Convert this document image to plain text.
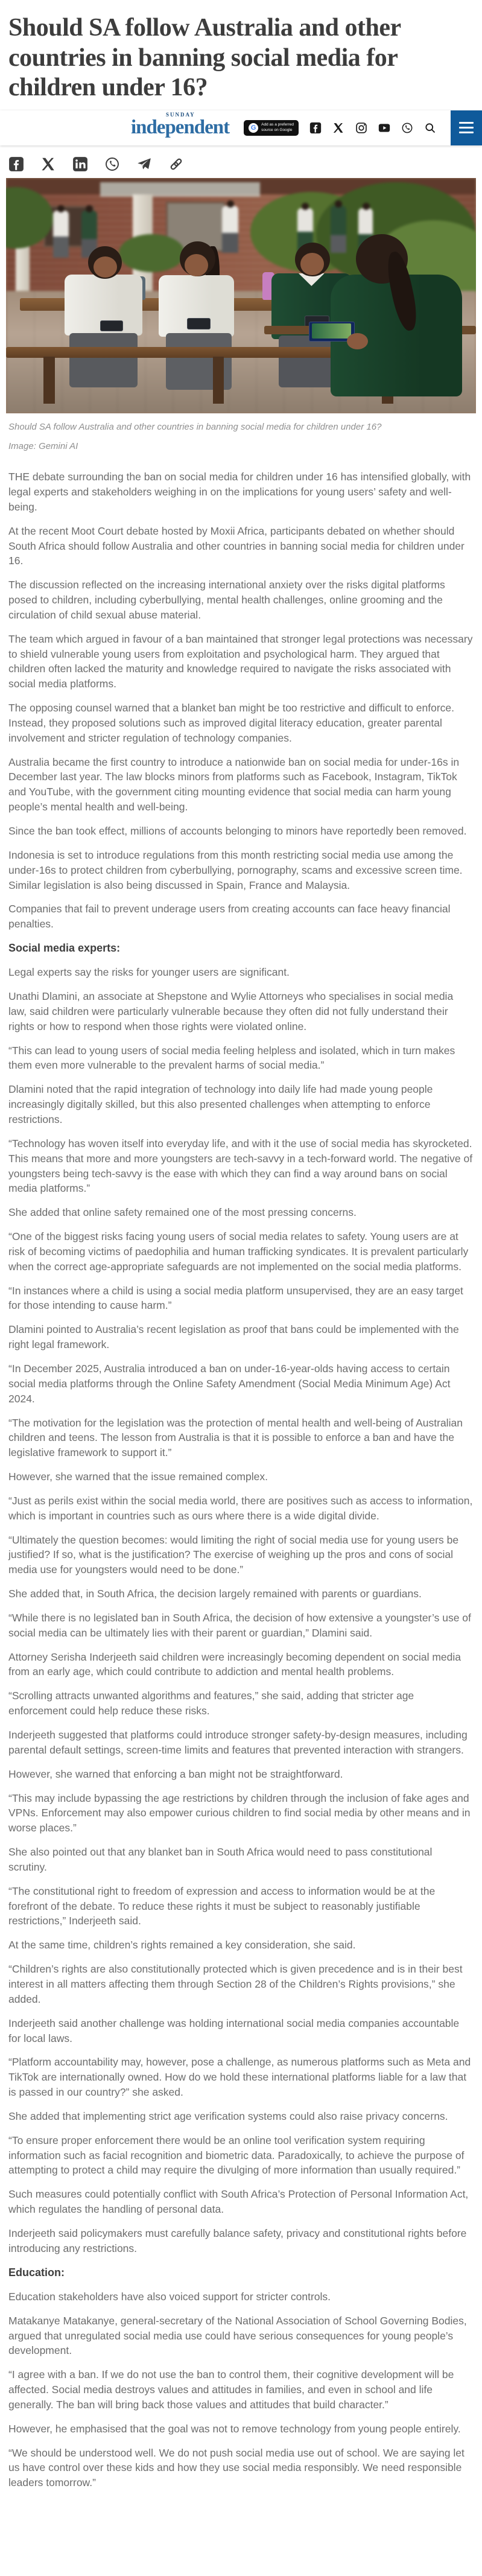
Should SA follow Australia and other countries in banning social media for children under 16?
SUNDAY
independent	G	Add as a preferred
source on Google

Should SA follow Australia and other countries in banning social media for children under 16?

Image: Gemini AI

THE debate surrounding the ban on social media for children under 16 has intensified globally, with legal experts and stakeholders weighing in on the implications for young users’ safety and well-being.

At the recent Moot Court debate hosted by Moxii Africa, participants debated on whether should South Africa should follow Australia and other countries in banning social media for children under 16.

The discussion reflected on the increasing international anxiety over the risks digital platforms posed to children, including cyberbullying, mental health challenges, online grooming and the circulation of child sexual abuse material.

The team which argued in favour of a ban maintained that stronger legal protections was necessary to shield vulnerable young users from exploitation and psychological harm. They argued that children often lacked the maturity and knowledge required to navigate the risks associated with social media platforms.

The opposing counsel warned that a blanket ban might be too restrictive and difficult to enforce. Instead, they proposed solutions such as improved digital literacy education, greater parental involvement and stricter regulation of technology companies.

Australia became the first country to introduce a nationwide ban on social media for under-16s in December last year. The law blocks minors from platforms such as Facebook, Instagram, TikTok and YouTube, with the government citing mounting evidence that social media can harm young people’s mental health and well-being.

Since the ban took effect, millions of accounts belonging to minors have reportedly been removed.

Indonesia is set to introduce regulations from this month restricting social media use among the under-16s to protect children from cyberbullying, pornography, scams and excessive screen time. Similar legislation is also being discussed in Spain, France and Malaysia.

Companies that fail to prevent underage users from creating accounts can face heavy financial penalties.

Social media experts:

Legal experts say the risks for younger users are significant.

Unathi Dlamini, an associate at Shepstone and Wylie Attorneys who specialises in social media law, said children were particularly vulnerable because they often did not fully understand their rights or how to respond when those rights were violated online.

“This can lead to young users of social media feeling helpless and isolated, which in turn makes them even more vulnerable to the prevalent harms of social media.”

Dlamini noted that the rapid integration of technology into daily life had made young people increasingly digitally skilled, but this also presented challenges when attempting to enforce restrictions.

“Technology has woven itself into everyday life, and with it the use of social media has skyrocketed. This means that more and more youngsters are tech-savvy in a tech-forward world. The negative of youngsters being tech-savvy is the ease with which they can find a way around bans on social media platforms.”

She added that online safety remained one of the most pressing concerns.

“One of the biggest risks facing young users of social media relates to safety. Young users are at risk of becoming victims of paedophilia and human trafficking syndicates. It is prevalent particularly when the correct age-appropriate safeguards are not implemented on the social media platforms.

“In instances where a child is using a social media platform unsupervised, they are an easy target for those intending to cause harm.”

Dlamini pointed to Australia’s recent legislation as proof that bans could be implemented with the right legal framework.

“In December 2025, Australia introduced a ban on under-16-year-olds having access to certain social media platforms through the Online Safety Amendment (Social Media Minimum Age) Act 2024.

“The motivation for the legislation was the protection of mental health and well-being of Australian children and teens. The lesson from Australia is that it is possible to enforce a ban and have the legislative framework to support it.”

However, she warned that the issue remained complex.

“Just as perils exist within the social media world, there are positives such as access to information, which is important in countries such as ours where there is a wide digital divide.

“Ultimately the question becomes: would limiting the right of social media use for young users be justified? If so, what is the justification? The exercise of weighing up the pros and cons of social media use for youngsters would need to be done.”

She added that, in South Africa, the decision largely remained with parents or guardians.

“While there is no legislated ban in South Africa, the decision of how extensive a youngster’s use of social media can be ultimately lies with their parent or guardian,” Dlamini said.

Attorney Serisha Inderjeeth said children were increasingly becoming dependent on social media from an early age, which could contribute to addiction and mental health problems.

“Scrolling attracts unwanted algorithms and features,” she said, adding that stricter age enforcement could help reduce these risks.

Inderjeeth suggested that platforms could introduce stronger safety-by-design measures, including parental default settings, screen-time limits and features that prevented interaction with strangers.

However, she warned that enforcing a ban might not be straightforward.

“This may include bypassing the age restrictions by children through the inclusion of fake ages and VPNs. Enforcement may also empower curious children to find social media by other means and in worse places.”

She also pointed out that any blanket ban in South Africa would need to pass constitutional scrutiny.

“The constitutional right to freedom of expression and access to information would be at the forefront of the debate. To reduce these rights it must be subject to reasonably justifiable restrictions,” Inderjeeth said.

At the same time, children’s rights remained a key consideration, she said.

“Children’s rights are also constitutionally protected which is given precedence and is in their best interest in all matters affecting them through Section 28 of the Children’s Rights provisions,” she added.

Inderjeeth said another challenge was holding international social media companies accountable for local laws.

“Platform accountability may, however, pose a challenge, as numerous platforms such as Meta and TikTok are internationally owned. How do we hold these international platforms liable for a law that is passed in our country?” she asked.

She added that implementing strict age verification systems could also raise privacy concerns.

“To ensure proper enforcement there would be an online tool verification system requiring information such as facial recognition and biometric data. Paradoxically, to achieve the purpose of attempting to protect a child may require the divulging of more information than usually required.”

Such measures could potentially conflict with South Africa’s Protection of Personal Information Act, which regulates the handling of personal data.

Inderjeeth said policymakers must carefully balance safety, privacy and constitutional rights before introducing any restrictions.

Education:

Education stakeholders have also voiced support for stricter controls.

Matakanye Matakanye, general-secretary of the National Association of School Governing Bodies, argued that unregulated social media use could have serious consequences for young people’s development.

“I agree with a ban. If we do not use the ban to control them, their cognitive development will be affected. Social media destroys values and attitudes in families, and even in school and life generally. The ban will bring back those values and attitudes that build character.”

However, he emphasised that the goal was not to remove technology from young people entirely.

“We should be understood well. We do not push social media use out of school. We are saying let us have control over these kids and how they use social media responsibly. We need responsible leaders tomorrow.”
